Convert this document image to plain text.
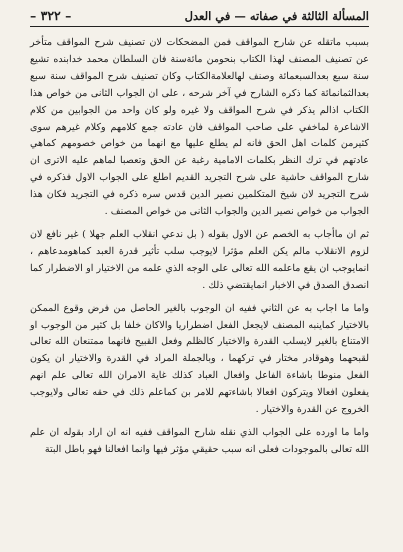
المسألة الثالثة في صفاته — في العدل
– ٣٢٢ –

بسبب ماتقله عن شارح المواقف فمن المضحكات لان تصنيف شرح المواقف متأخر عن تصنيف المصنف لهذا الكتاب بنحومن مائةسنة فان السلطان محمد خدابنده تشيع سنة سبع بعدالسبعمائة وصنف لهالعلامةالكتاب وكان تصنيف شرح المواقف سنة سبع بعدالثمانمائة كما ذكره الشارح في آخر شرحه ، على ان الجواب الثانى من خواص هذا الكتاب اذالم يذكر في شرح المواقف ولا غيره ولو كان واحد من الجوابين من كلام الاشاعرة لماخفي على صاحب المواقف فان عادته جمع كلامهم وكلام غيرهم سوى كثيرمن كلمات اهل الحق فانه لم يطلع عليها مع انهما من خواص خصومهم كماهي عادتهم في ترك النظر بكلمات الامامية رغبة عن الحق وتعصبا لماهم عليه الاترى ان شارح المواقف حاشية على شرح التجريد القديم اطلع على الجواب الاول فذكره في شرح التجريد لان شيخ المتكلمين نصير الدين قدس سره ذكره في التجريد فكان هذا الجواب من خواص نصير الدين والجواب الثانى من خواص المصنف .

ثم ان ماأجاب به الخصم عن الاول بقوله ( بل ندعي انقلاب العلم جهلا ) غير نافع لان لزوم الانقلاب مالم يكن العلم مؤثرا لايوجب سلب تأثير قدرة العبد كماهومدعاهم ، انمايوجب ان يقع ماعلمه الله تعالى على الوجه الذي علمه من الاختيار او الاضطرار كما انصدق الصدق في الاخبار انمايقتضي ذلك .

واما ما اجاب به عن الثاني ففيه ان الوجوب بالغير الحاصل من فرض وقوع الممكن بالاختيار كماينبه المصنف لايجعل الفعل اضطراريا والاكان خلفا بل كثير من الوجوب او الامتناع بالغير لايسلب القدرة والاختيار كالظلم وفعل القبيح فانهما ممتنعان الله تعالى لقبحهما وهوقادر مختار في تركهما ، وبالجملة المراد في القدرة والاختيار ان يكون الفعل منوطا باشاءة الفاعل وافعال العباد كذلك غاية الامران الله تعالى علم انهم يفعلون افعالا ويتركون افعالا باشاءتهم للامر بن كماعلم ذلك في حقه تعالى ولايوجب الخروج عن القدرة والاختيار .

واما ما اورده على الجواب الذي نقله شارح المواقف ففيه انه ان اراد بقوله ان علم الله تعالى بالموجودات فعلى انه سبب حقيقي مؤثر فيها وانما افعالنا فهو باطل البتة
